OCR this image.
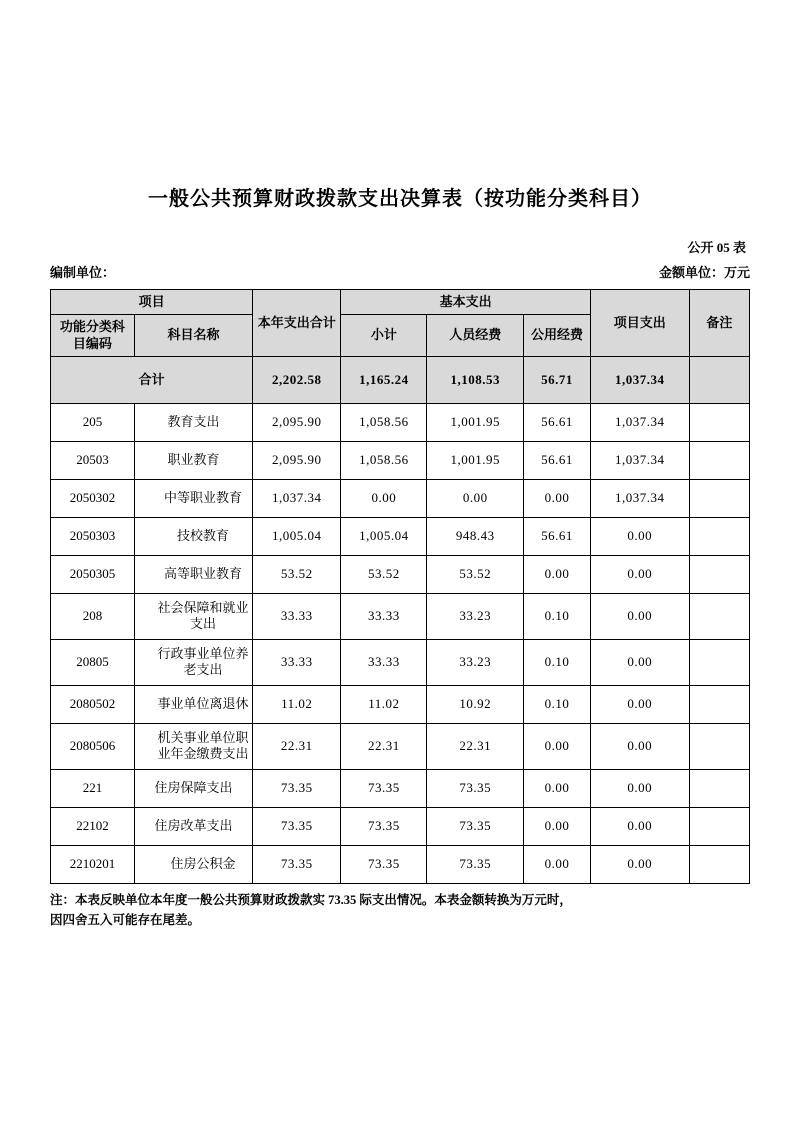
一般公共预算财政拨款支出决算表（按功能分类科目）
公开 05 表
编制单位：	金额单位：万元
项目		本年支出合计	基本支出			项目支出	备注
功能分类科目编码	科目名称		小计	人员经费	公用经费		
合计		2,202.58	1,165.24	1,108.53	56.71	1,037.34	
205	教育支出	2,095.90	1,058.56	1,001.95	56.61	1,037.34	
20503	职业教育	2,095.90	1,058.56	1,001.95	56.61	1,037.34	
2050302	中等职业教育	1,037.34	0.00	0.00	0.00	1,037.34	
2050303	技校教育	1,005.04	1,005.04	948.43	56.61	0.00	
2050305	高等职业教育	53.52	53.52	53.52	0.00	0.00	
208	社会保障和就业支出	33.33	33.33	33.23	0.10	0.00	
20805	行政事业单位养老支出	33.33	33.33	33.23	0.10	0.00	
2080502	事业单位离退休	11.02	11.02	10.92	0.10	0.00	
2080506	机关事业单位职业年金缴费支出	22.31	22.31	22.31	0.00	0.00	
221	住房保障支出	73.35	73.35	73.35	0.00	0.00	
22102	住房改革支出	73.35	73.35	73.35	0.00	0.00	
2210201	住房公积金	73.35	73.35	73.35	0.00	0.00	
注：本表反映单位本年度一般公共预算财政拨款实 73.35 际支出情况。本表金额转换为万元时，
因四舍五入可能存在尾差。
